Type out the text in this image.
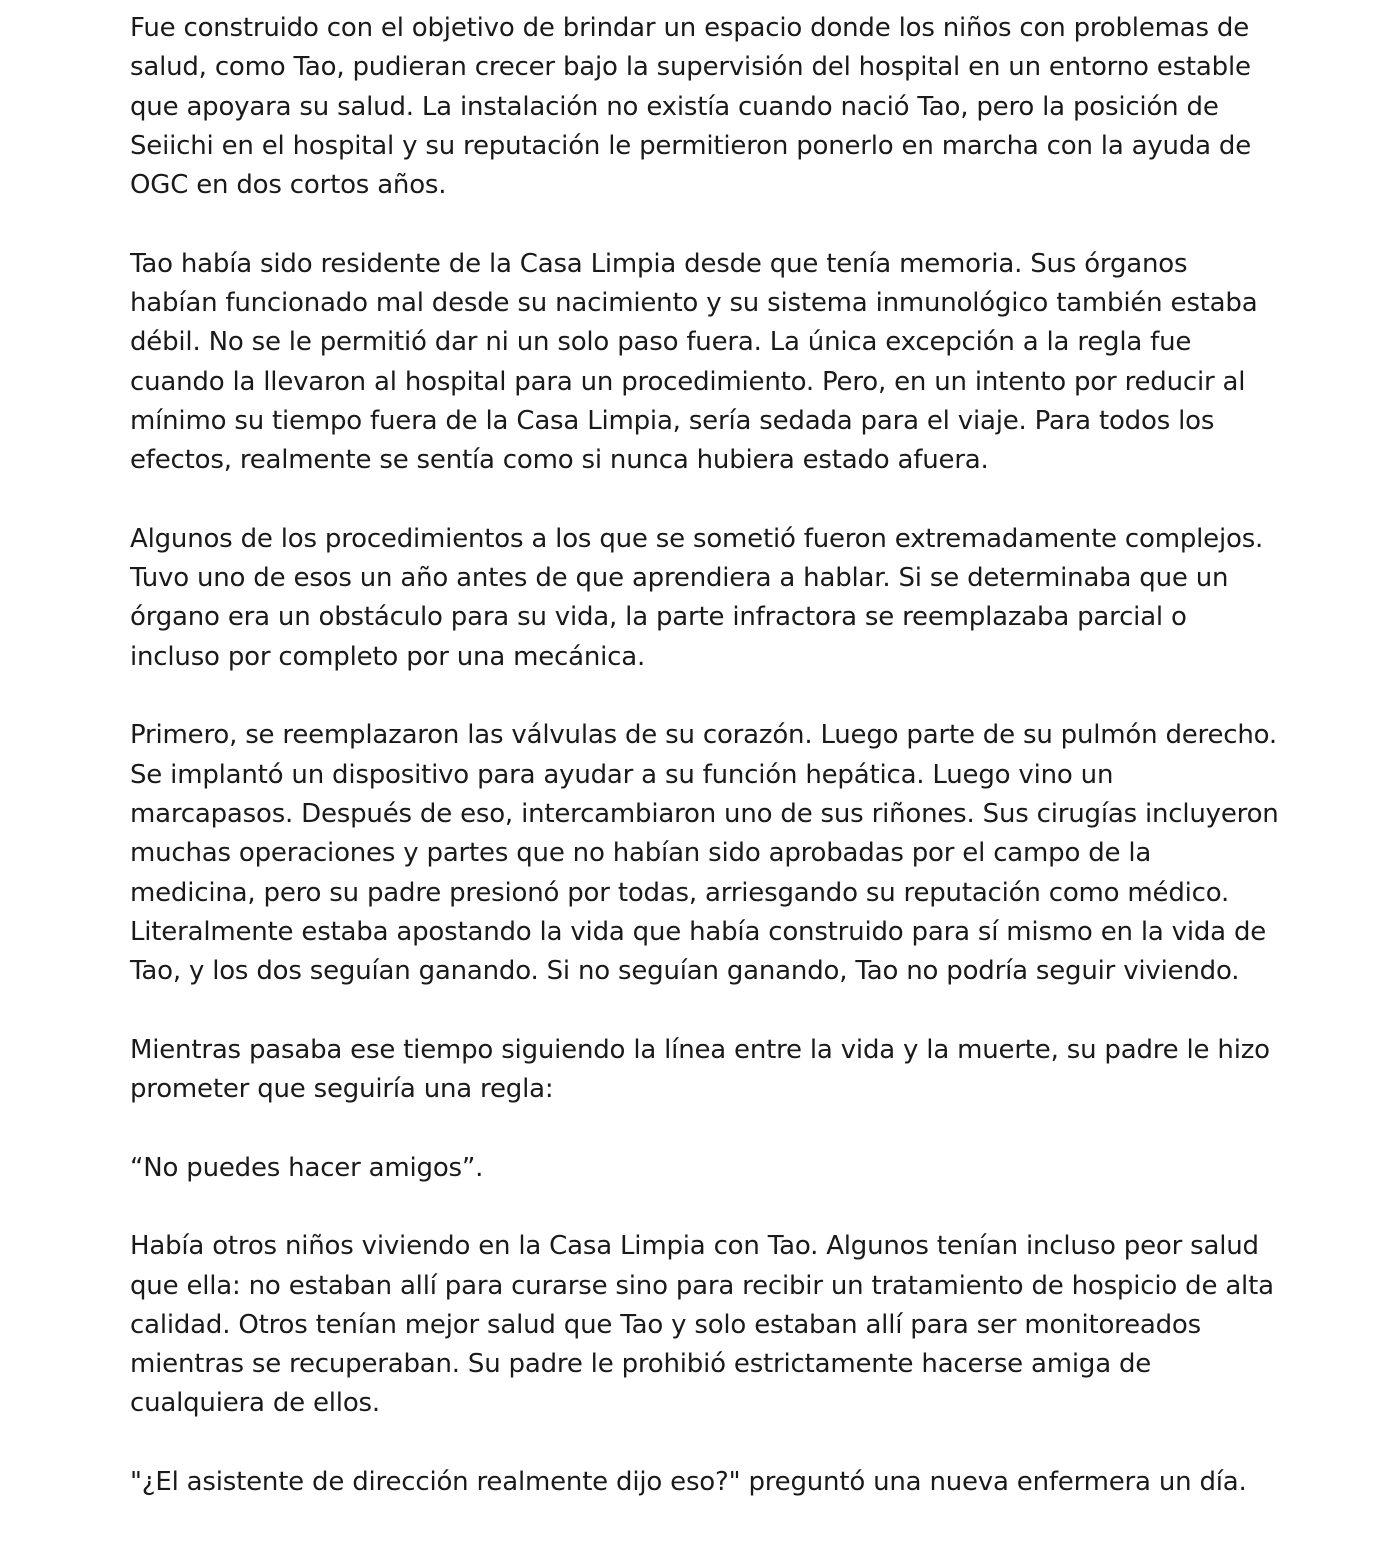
Fue construido con el objetivo de brindar un espacio donde los niños con problemas de salud, como Tao, pudieran crecer bajo la supervisión del hospital en un entorno estable que apoyara su salud. La instalación no existía cuando nació Tao, pero la posición de Seiichi en el hospital y su reputación le permitieron ponerlo en marcha con la ayuda de OGC en dos cortos años.

Tao había sido residente de la Casa Limpia desde que tenía memoria. Sus órganos habían funcionado mal desde su nacimiento y su sistema inmunológico también estaba débil. No se le permitió dar ni un solo paso fuera. La única excepción a la regla fue cuando la llevaron al hospital para un procedimiento. Pero, en un intento por reducir al mínimo su tiempo fuera de la Casa Limpia, sería sedada para el viaje. Para todos los efectos, realmente se sentía como si nunca hubiera estado afuera.

Algunos de los procedimientos a los que se sometió fueron extremadamente complejos. Tuvo uno de esos un año antes de que aprendiera a hablar. Si se determinaba que un órgano era un obstáculo para su vida, la parte infractora se reemplazaba parcial o incluso por completo por una mecánica.

Primero, se reemplazaron las válvulas de su corazón. Luego parte de su pulmón derecho. Se implantó un dispositivo para ayudar a su función hepática. Luego vino un marcapasos. Después de eso, intercambiaron uno de sus riñones. Sus cirugías incluyeron muchas operaciones y partes que no habían sido aprobadas por el campo de la medicina, pero su padre presionó por todas, arriesgando su reputación como médico. Literalmente estaba apostando la vida que había construido para sí mismo en la vida de Tao, y los dos seguían ganando. Si no seguían ganando, Tao no podría seguir viviendo.

Mientras pasaba ese tiempo siguiendo la línea entre la vida y la muerte, su padre le hizo prometer que seguiría una regla:

“No puedes hacer amigos”.

Había otros niños viviendo en la Casa Limpia con Tao. Algunos tenían incluso peor salud que ella: no estaban allí para curarse sino para recibir un tratamiento de hospicio de alta calidad. Otros tenían mejor salud que Tao y solo estaban allí para ser monitoreados mientras se recuperaban. Su padre le prohibió estrictamente hacerse amiga de cualquiera de ellos.

"¿El asistente de dirección realmente dijo eso?" preguntó una nueva enfermera un día.
